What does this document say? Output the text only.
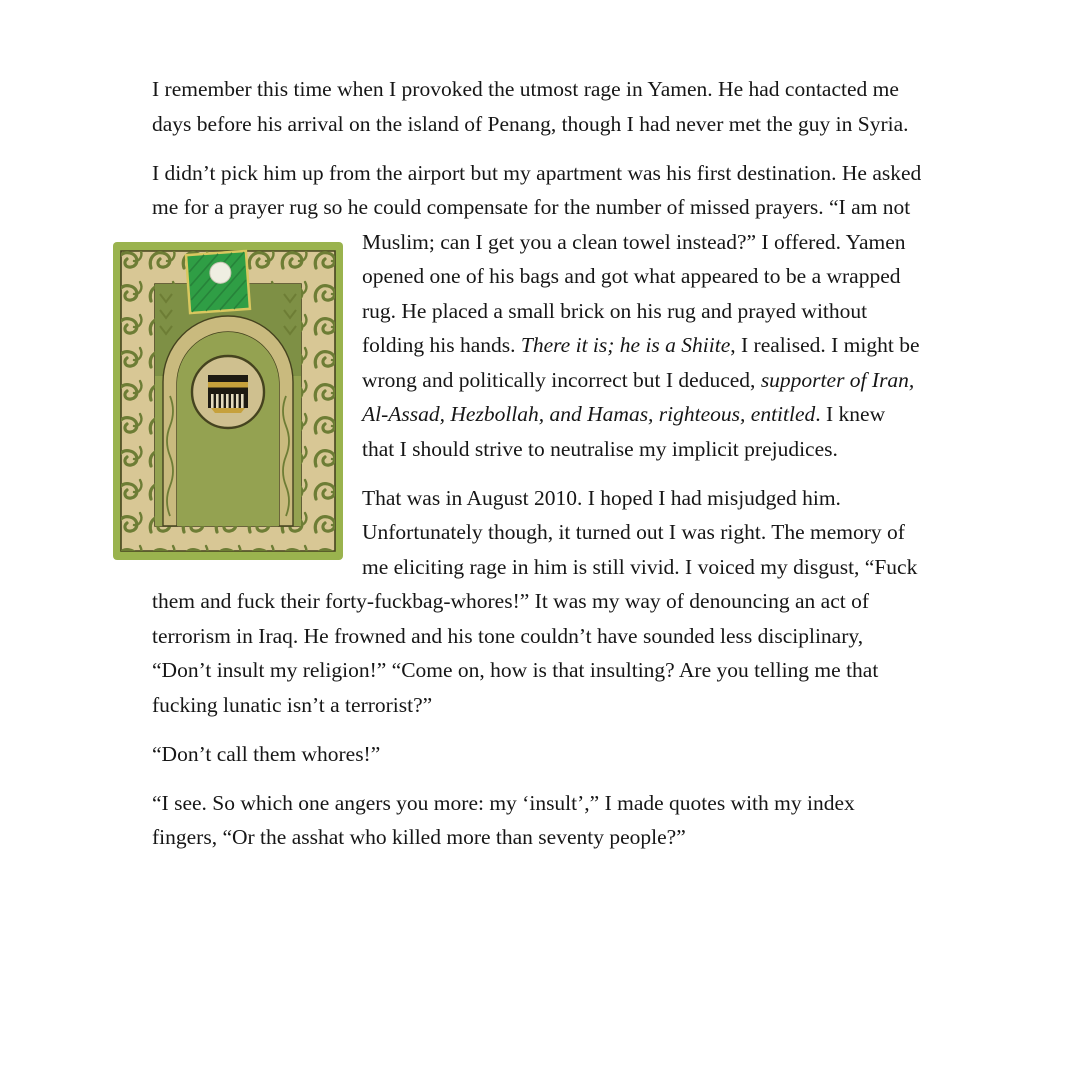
I remember this time when I provoked the utmost rage in Yamen. He had contacted me days before his arrival on the island of Penang, though I had never met the guy in Syria.

I didn’t pick him up from the airport but my apartment was his first destination. He asked me for a prayer rug so he could compensate for the number of missed prayers. “I am not Muslim; can I get you a clean towel
instead?” I offered. Yamen opened one of his bags and got what appeared to be a wrapped rug. He placed a small brick on his rug and prayed without folding his hands. There it is; he is a Shiite, I realised. I might be wrong and politically incorrect but I deduced, supporter of Iran, Al-Assad, Hezbollah, and Hamas, righteous, entitled. I knew that I should strive to neutralise my implicit prejudices.

That was in August 2010. I hoped I had misjudged him. Unfortunately though, it turned out I was right. The memory of me eliciting rage in him is still vivid. I voiced my disgust, “Fuck them and fuck their forty-fuckbag-whores!” It was my way of denouncing an act of terrorism in Iraq. He frowned and his tone couldn’t have sounded less disciplinary, “Don’t insult my religion!” “Come on, how is that insulting? Are you telling me that fucking lunatic isn’t a terrorist?”

“Don’t call them whores!”

“I see. So which one angers you more: my ‘insult’,” I made quotes with my index fingers, “Or the asshat who killed more than seventy people?”
